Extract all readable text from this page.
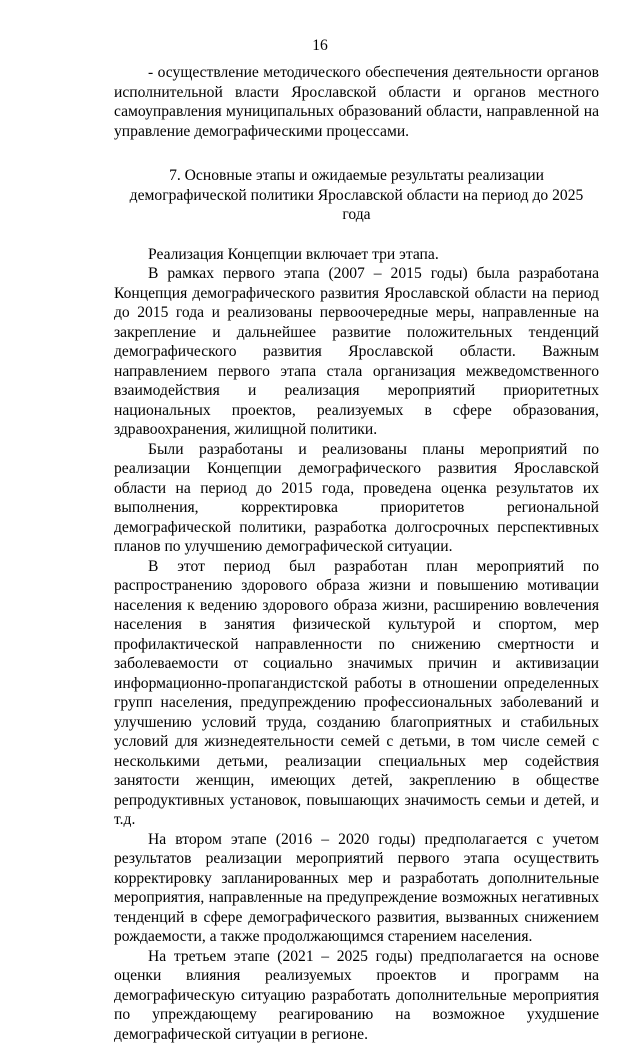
16

- осуществление методического обеспечения деятельности органов исполнительной власти Ярославской области и органов местного самоуправления муниципальных образований области, направленной на управление демографическими процессами.

7. Основные этапы и ожидаемые результаты реализации демографической политики Ярославской области на период до 2025 года

Реализация Концепции включает три этапа.

В рамках первого этапа (2007 – 2015 годы) была разработана Концепция демографического развития Ярославской области на период до 2015 года и реализованы первоочередные меры, направленные на закрепление и дальнейшее развитие положительных тенденций демографического развития Ярославской области. Важным направлением первого этапа стала организация межведомственного взаимодействия и реализация мероприятий приоритетных национальных проектов, реализуемых в сфере образования, здравоохранения, жилищной политики.

Были разработаны и реализованы планы мероприятий по реализации Концепции демографического развития Ярославской области на период до 2015 года, проведена оценка результатов их выполнения, корректировка приоритетов региональной демографической политики, разработка долгосрочных перспективных планов по улучшению демографической ситуации.

В этот период был разработан план мероприятий по распространению здорового образа жизни и повышению мотивации населения к ведению здорового образа жизни, расширению вовлечения населения в занятия физической культурой и спортом, мер профилактической направленности по снижению смертности и заболеваемости от социально значимых причин и активизации информационно-пропагандистской работы в отношении определенных групп населения, предупреждению профессиональных заболеваний и улучшению условий труда, созданию благоприятных и стабильных условий для жизнедеятельности семей с детьми, в том числе семей с несколькими детьми, реализации специальных мер содействия занятости женщин, имеющих детей, закреплению в обществе репродуктивных установок, повышающих значимость семьи и детей, и т.д.

На втором этапе (2016 – 2020 годы) предполагается с учетом результатов реализации мероприятий первого этапа осуществить корректировку запланированных мер и разработать дополнительные мероприятия, направленные на предупреждение возможных негативных тенденций в сфере демографического развития, вызванных снижением рождаемости, а также продолжающимся старением населения.

На третьем этапе (2021 – 2025 годы) предполагается на основе оценки влияния реализуемых проектов и программ на демографическую ситуацию разработать дополнительные мероприятия по упреждающему реагированию на возможное ухудшение демографической ситуации в регионе.
